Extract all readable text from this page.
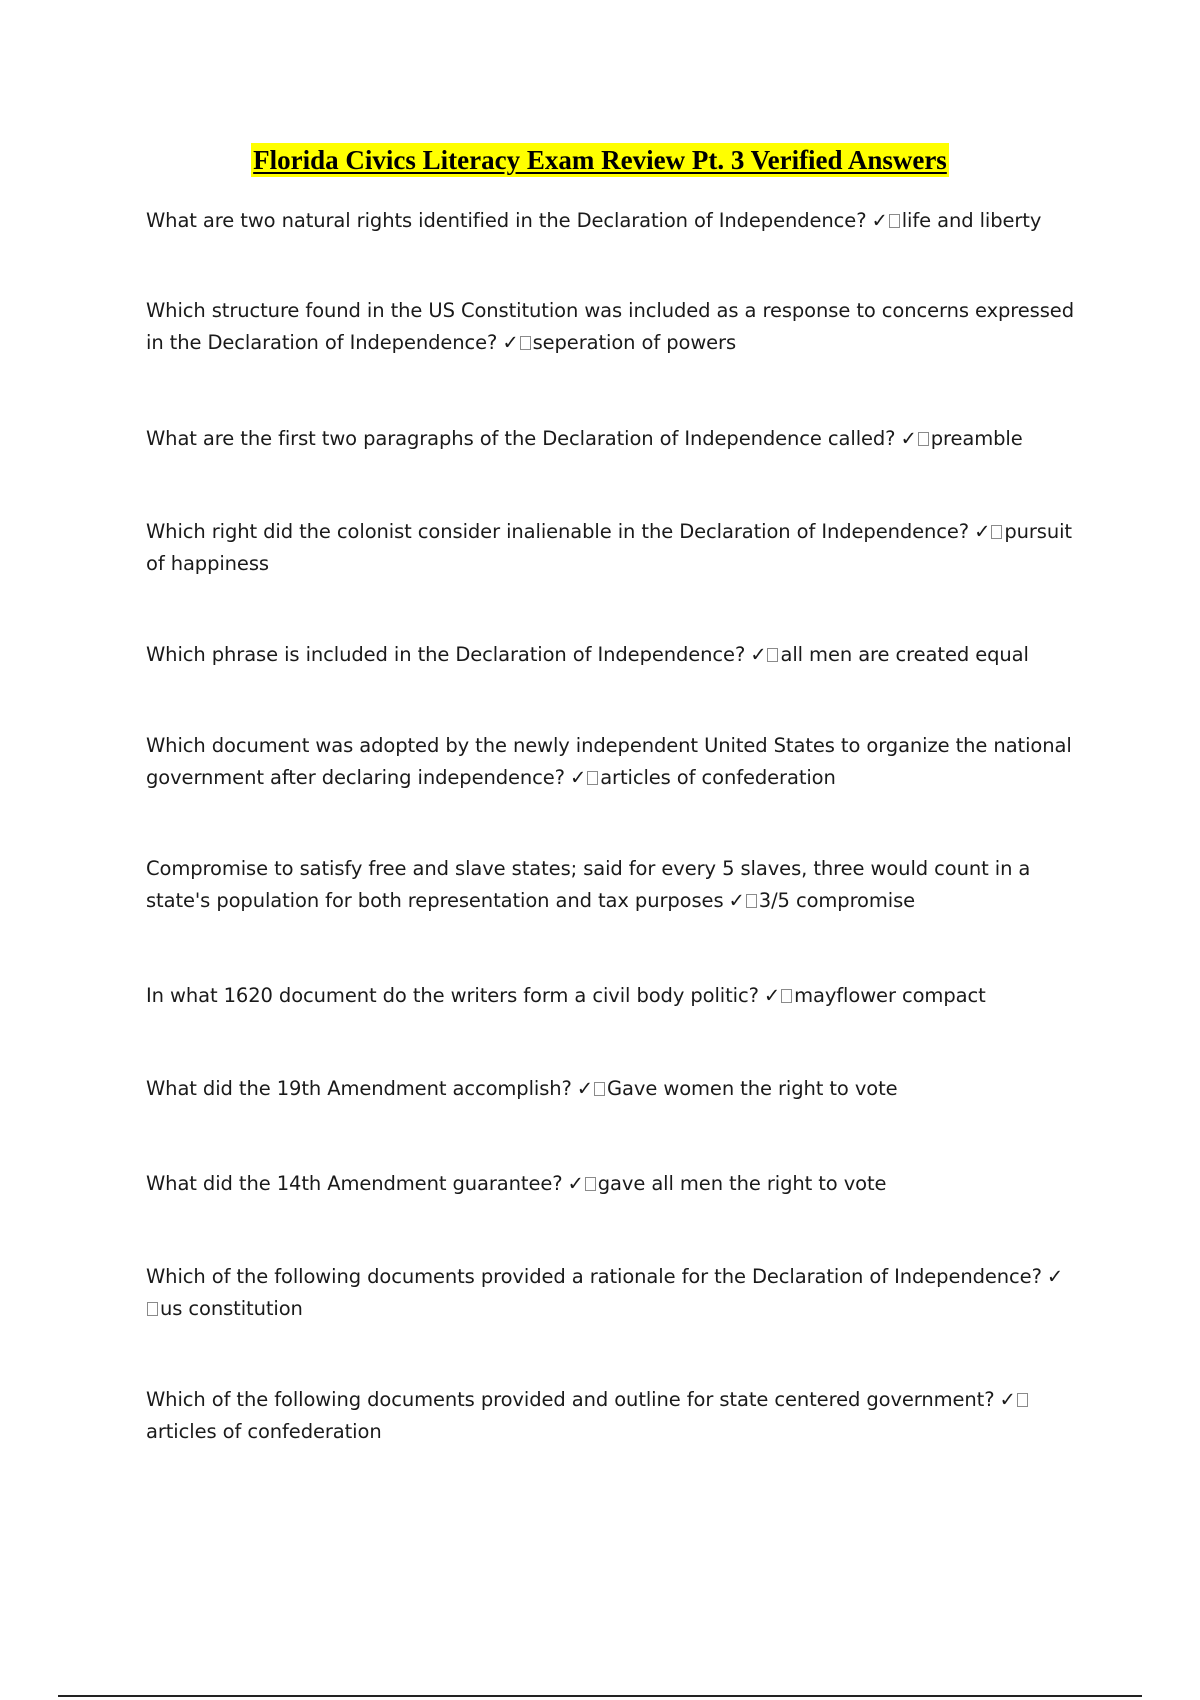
Florida Civics Literacy Exam Review Pt. 3 Verified Answers

What are two natural rights identified in the Declaration of Independence? ✓ life and liberty

Which structure found in the US Constitution was included as a response to concerns expressed in the Declaration of Independence? ✓ seperation of powers

What are the first two paragraphs of the Declaration of Independence called? ✓ preamble

Which right did the colonist consider inalienable in the Declaration of Independence? ✓ pursuit of happiness

Which phrase is included in the Declaration of Independence? ✓ all men are created equal

Which document was adopted by the newly independent United States to organize the national government after declaring independence? ✓ articles of confederation

Compromise to satisfy free and slave states; said for every 5 slaves, three would count in a state's population for both representation and tax purposes ✓ 3/5 compromise

In what 1620 document do the writers form a civil body politic? ✓ mayflower compact

What did the 19th Amendment accomplish? ✓ Gave women the right to vote

What did the 14th Amendment guarantee? ✓ gave all men the right to vote

Which of the following documents provided a rationale for the Declaration of Independence? ✓us constitution

Which of the following documents provided and outline for state centered government? ✓articles of confederation
